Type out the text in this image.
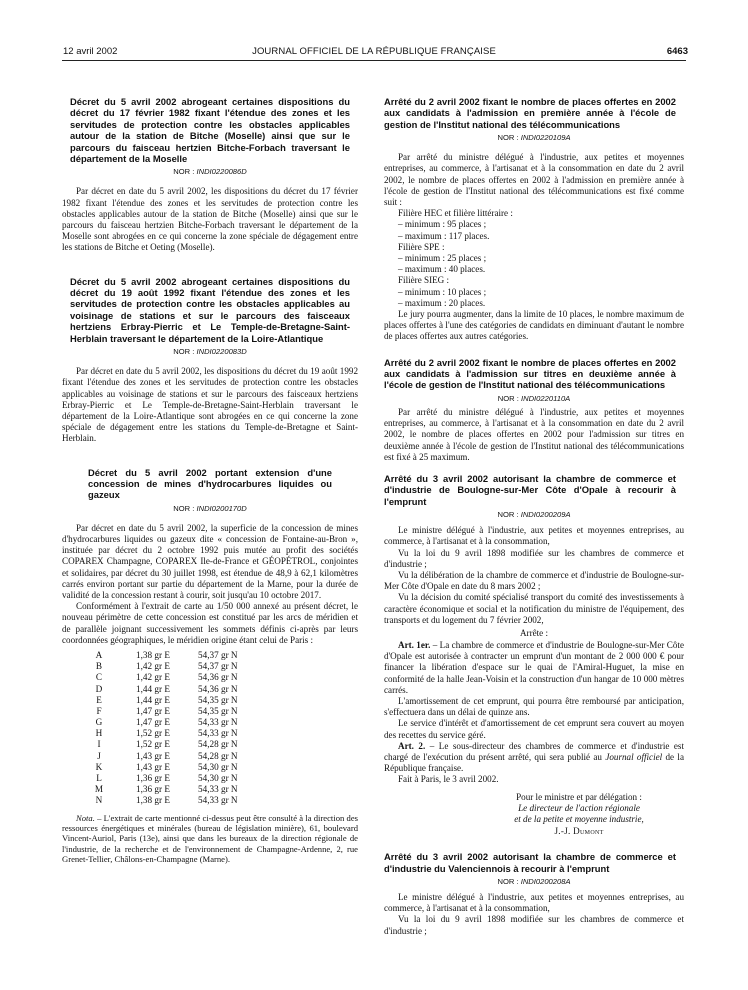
12 avril 2002	JOURNAL OFFICIEL DE LA RÉPUBLIQUE FRANÇAISE	6463
Décret du 5 avril 2002 abrogeant certaines dispositions du décret du 17 février 1982 fixant l'étendue des zones et les servitudes de protection contre les obstacles applicables autour de la station de Bitche (Moselle) ainsi que sur le parcours du faisceau hertzien Bitche-Forbach traversant le département de la Moselle
NOR : INDI0220086D

Par décret en date du 5 avril 2002, les dispositions du décret du 17 février 1982 fixant l'étendue des zones et les servitudes de protection contre les obstacles applicables autour de la station de Bitche (Moselle) ainsi que sur le parcours du faisceau hertzien Bitche-Forbach traversant le département de la Moselle sont abrogées en ce qui concerne la zone spéciale de dégagement entre les stations de Bitche et Oeting (Moselle).

Décret du 5 avril 2002 abrogeant certaines dispositions du décret du 19 août 1992 fixant l'étendue des zones et les servitudes de protection contre les obstacles applicables au voisinage de stations et sur le parcours des faisceaux hertziens Erbray-Pierric et Le Temple-de-Bretagne-Saint-Herblain traversant le département de la Loire-Atlantique
NOR : INDI0220083D

Par décret en date du 5 avril 2002, les dispositions du décret du 19 août 1992 fixant l'étendue des zones et les servitudes de protection contre les obstacles applicables au voisinage de stations et sur le parcours des faisceaux hertziens Erbray-Pierric et Le Temple-de-Bretagne-Saint-Herblain traversant le département de la Loire-Atlantique sont abrogées en ce qui concerne la zone spéciale de dégagement entre les stations du Temple-de-Bretagne et Saint-Herblain.

Décret du 5 avril 2002 portant extension d'une concession de mines d'hydrocarbures liquides ou gazeux
NOR : INDI0200170D

Par décret en date du 5 avril 2002, la superficie de la concession de mines d'hydrocarbures liquides ou gazeux dite « concession de Fontaine-au-Bron », instituée par décret du 2 octobre 1992 puis mutée au profit des sociétés COPAREX Champagne, COPAREX Ile-de-France et GÉOPÉTROL, conjointes et solidaires, par décret du 30 juillet 1998, est étendue de 48,9 à 62,1 kilomètres carrés environ portant sur partie du département de la Marne, pour la durée de validité de la concession restant à courir, soit jusqu'au 10 octobre 2017.

Conformément à l'extrait de carte au 1/50 000 annexé au présent décret, le nouveau périmètre de cette concession est constitué par les arcs de méridien et de parallèle joignant successivement les sommets définis ci-après par leurs coordonnées géographiques, le méridien origine étant celui de Paris :

A	1,38 gr E	54,37 gr N
B	1,42 gr E	54,37 gr N
C	1,42 gr E	54,36 gr N
D	1,44 gr E	54,36 gr N
E	1,44 gr E	54,35 gr N
F	1,47 gr E	54,35 gr N
G	1,47 gr E	54,33 gr N
H	1,52 gr E	54,33 gr N
I	1,52 gr E	54,28 gr N
J	1,43 gr E	54,28 gr N
K	1,43 gr E	54,30 gr N
L	1,36 gr E	54,30 gr N
M	1,36 gr E	54,33 gr N
N	1,38 gr E	54,33 gr N
Nota. – L'extrait de carte mentionné ci-dessus peut être consulté à la direction des ressources énergétiques et minérales (bureau de législation minière), 61, boulevard Vincent-Auriol, Paris (13e), ainsi que dans les bureaux de la direction régionale de l'industrie, de la recherche et de l'environnement de Champagne-Ardenne, 2, rue Grenet-Tellier, Châlons-en-Champagne (Marne).
Arrêté du 2 avril 2002 fixant le nombre de places offertes en 2002 aux candidats à l'admission en première année à l'école de gestion de l'Institut national des télécommunications
NOR : INDI0220109A

Par arrêté du ministre délégué à l'industrie, aux petites et moyennes entreprises, au commerce, à l'artisanat et à la consommation en date du 2 avril 2002, le nombre de places offertes en 2002 à l'admission en première année à l'école de gestion de l'Institut national des télécommunications est fixé comme suit :

Filière HEC et filière littéraire :

– minimum : 95 places ;

– maximum : 117 places.

Filière SPE :

– minimum : 25 places ;

– maximum : 40 places.

Filière SIEG :

– minimum : 10 places ;

– maximum : 20 places.

Le jury pourra augmenter, dans la limite de 10 places, le nombre maximum de places offertes à l'une des catégories de candidats en diminuant d'autant le nombre de places offertes aux autres catégories.

Arrêté du 2 avril 2002 fixant le nombre de places offertes en 2002 aux candidats à l'admission sur titres en deuxième année à l'école de gestion de l'Institut national des télécommunications
NOR : INDI0220110A

Par arrêté du ministre délégué à l'industrie, aux petites et moyennes entreprises, au commerce, à l'artisanat et à la consommation en date du 2 avril 2002, le nombre de places offertes en 2002 pour l'admission sur titres en deuxième année à l'école de gestion de l'Institut national des télécommunications est fixé à 25 maximum.

Arrêté du 3 avril 2002 autorisant la chambre de commerce et d'industrie de Boulogne-sur-Mer Côte d'Opale à recourir à l'emprunt
NOR : INDI0200209A

Le ministre délégué à l'industrie, aux petites et moyennes entreprises, au commerce, à l'artisanat et à la consommation,

Vu la loi du 9 avril 1898 modifiée sur les chambres de commerce et d'industrie ;

Vu la délibération de la chambre de commerce et d'industrie de Boulogne-sur-Mer Côte d'Opale en date du 8 mars 2002 ;

Vu la décision du comité spécialisé transport du comité des investissements à caractère économique et social et la notification du ministre de l'équipement, des transports et du logement du 7 février 2002,

Arrête :

Art. 1er. – La chambre de commerce et d'industrie de Boulogne-sur-Mer Côte d'Opale est autorisée à contracter un emprunt d'un montant de 2 000 000 € pour financer la libération d'espace sur le quai de l'Amiral-Huguet, la mise en conformité de la halle Jean-Voisin et la construction d'un hangar de 10 000 mètres carrés.

L'amortissement de cet emprunt, qui pourra être remboursé par anticipation, s'effectuera dans un délai de quinze ans.

Le service d'intérêt et d'amortissement de cet emprunt sera couvert au moyen des recettes du service géré.

Art. 2. – Le sous-directeur des chambres de commerce et d'industrie est chargé de l'exécution du présent arrêté, qui sera publié au Journal officiel de la République française.

Fait à Paris, le 3 avril 2002.

Pour le ministre et par délégation :
Le directeur de l'action régionale
et de la petite et moyenne industrie,
J.-J. Dumont
Arrêté du 3 avril 2002 autorisant la chambre de commerce et d'industrie du Valenciennois à recourir à l'emprunt
NOR : INDI0200208A

Le ministre délégué à l'industrie, aux petites et moyennes entreprises, au commerce, à l'artisanat et à la consommation,

Vu la loi du 9 avril 1898 modifiée sur les chambres de commerce et d'industrie ;
